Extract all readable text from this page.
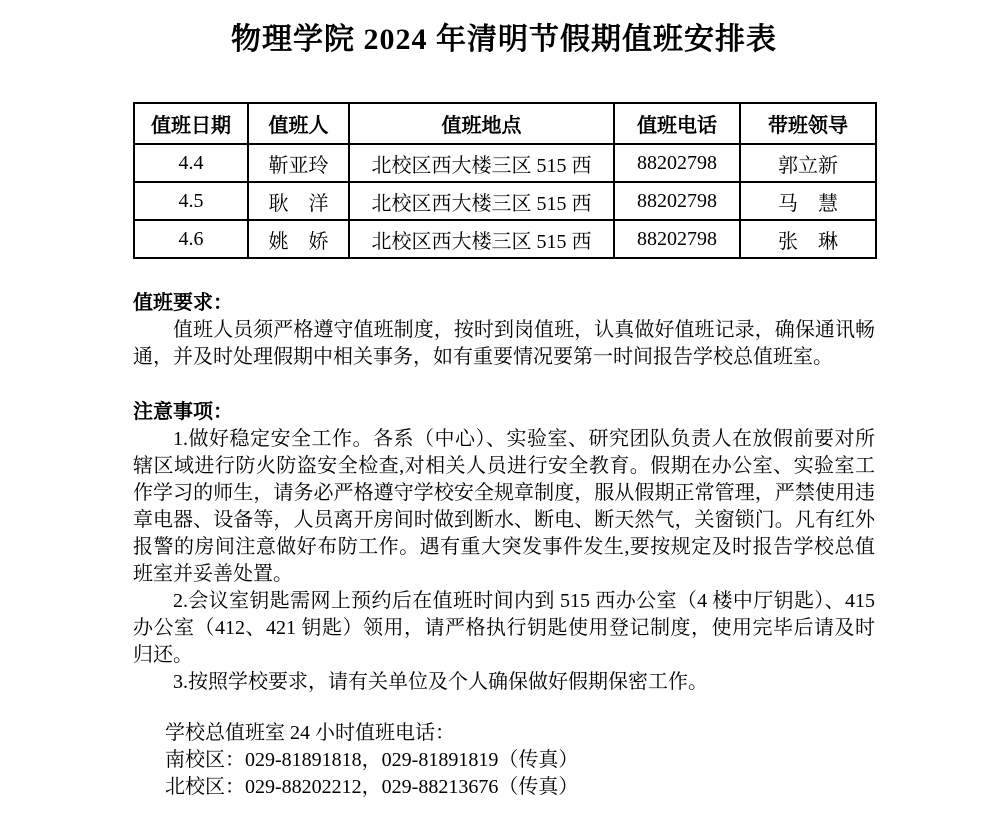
物理学院 2024 年清明节假期值班安排表
值班日期	值班人	值班地点	值班电话	带班领导
4.4	靳亚玲	北校区西大楼三区 515 西	88202798	郭立新
4.5	耿　洋	北校区西大楼三区 515 西	88202798	马　慧
4.6	姚　娇	北校区西大楼三区 515 西	88202798	张　琳
值班要求：

值班人员须严格遵守值班制度，按时到岗值班，认真做好值班记录，确保通讯畅通，并及时处理假期中相关事务，如有重要情况要第一时间报告学校总值班室。

注意事项：

1.做好稳定安全工作。各系（中心）、实验室、研究团队负责人在放假前要对所辖区域进行防火防盗安全检查,对相关人员进行安全教育。假期在办公室、实验室工作学习的师生，请务必严格遵守学校安全规章制度，服从假期正常管理，严禁使用违章电器、设备等，人员离开房间时做到断水、断电、断天然气，关窗锁门。凡有红外报警的房间注意做好布防工作。遇有重大突发事件发生,要按规定及时报告学校总值班室并妥善处置。

2.会议室钥匙需网上预约后在值班时间内到 515 西办公室（4 楼中厅钥匙）、415 办公室（412、421 钥匙）领用，请严格执行钥匙使用登记制度，使用完毕后请及时归还。

3.按照学校要求，请有关单位及个人确保做好假期保密工作。

学校总值班室 24 小时值班电话：

南校区：029-81891818，029-81891819（传真）

北校区：029-88202212，029-88213676（传真）
